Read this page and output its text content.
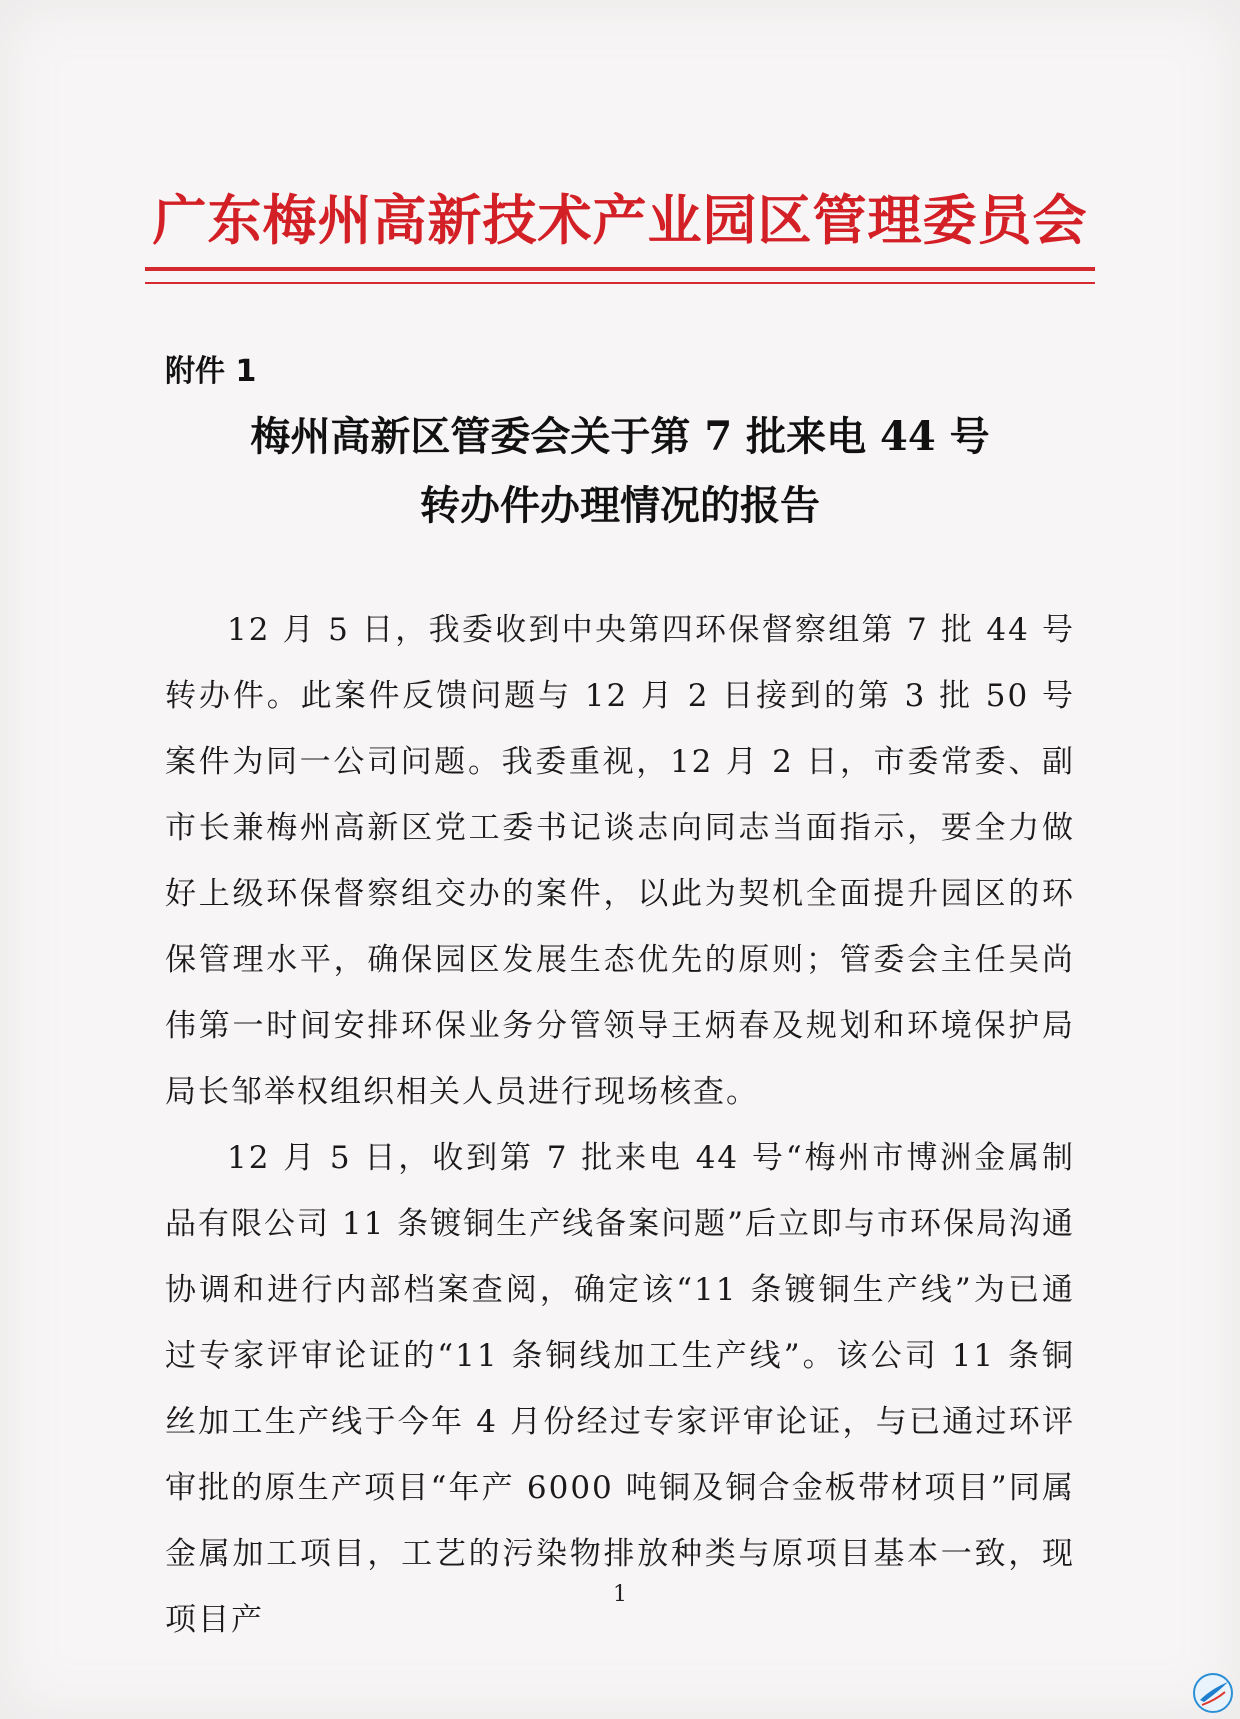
广东梅州高新技术产业园区管理委员会
附件 1
梅州高新区管委会关于第 7 批来电 44 号
转办件办理情况的报告

12 月 5 日，我委收到中央第四环保督察组第 7 批 44 号转办件。此案件反馈问题与 12 月 2 日接到的第 3 批 50 号案件为同一公司问题。我委重视，12 月 2 日，市委常委、副市长兼梅州高新区党工委书记谈志向同志当面指示，要全力做好上级环保督察组交办的案件，以此为契机全面提升园区的环保管理水平，确保园区发展生态优先的原则；管委会主任吴尚伟第一时间安排环保业务分管领导王炳春及规划和环境保护局局长邹举权组织相关人员进行现场核查。

12 月 5 日，收到第 7 批来电 44 号“梅州市博洲金属制品有限公司 11 条镀铜生产线备案问题”后立即与市环保局沟通协调和进行内部档案查阅，确定该“11 条镀铜生产线”为已通过专家评审论证的“11 条铜线加工生产线”。该公司 11 条铜丝加工生产线于今年 4 月份经过专家评审论证，与已通过环评审批的原生产项目“年产 6000 吨铜及铜合金板带材项目”同属金属加工项目，工艺的污染物排放种类与原项目基本一致，现项目产

1
